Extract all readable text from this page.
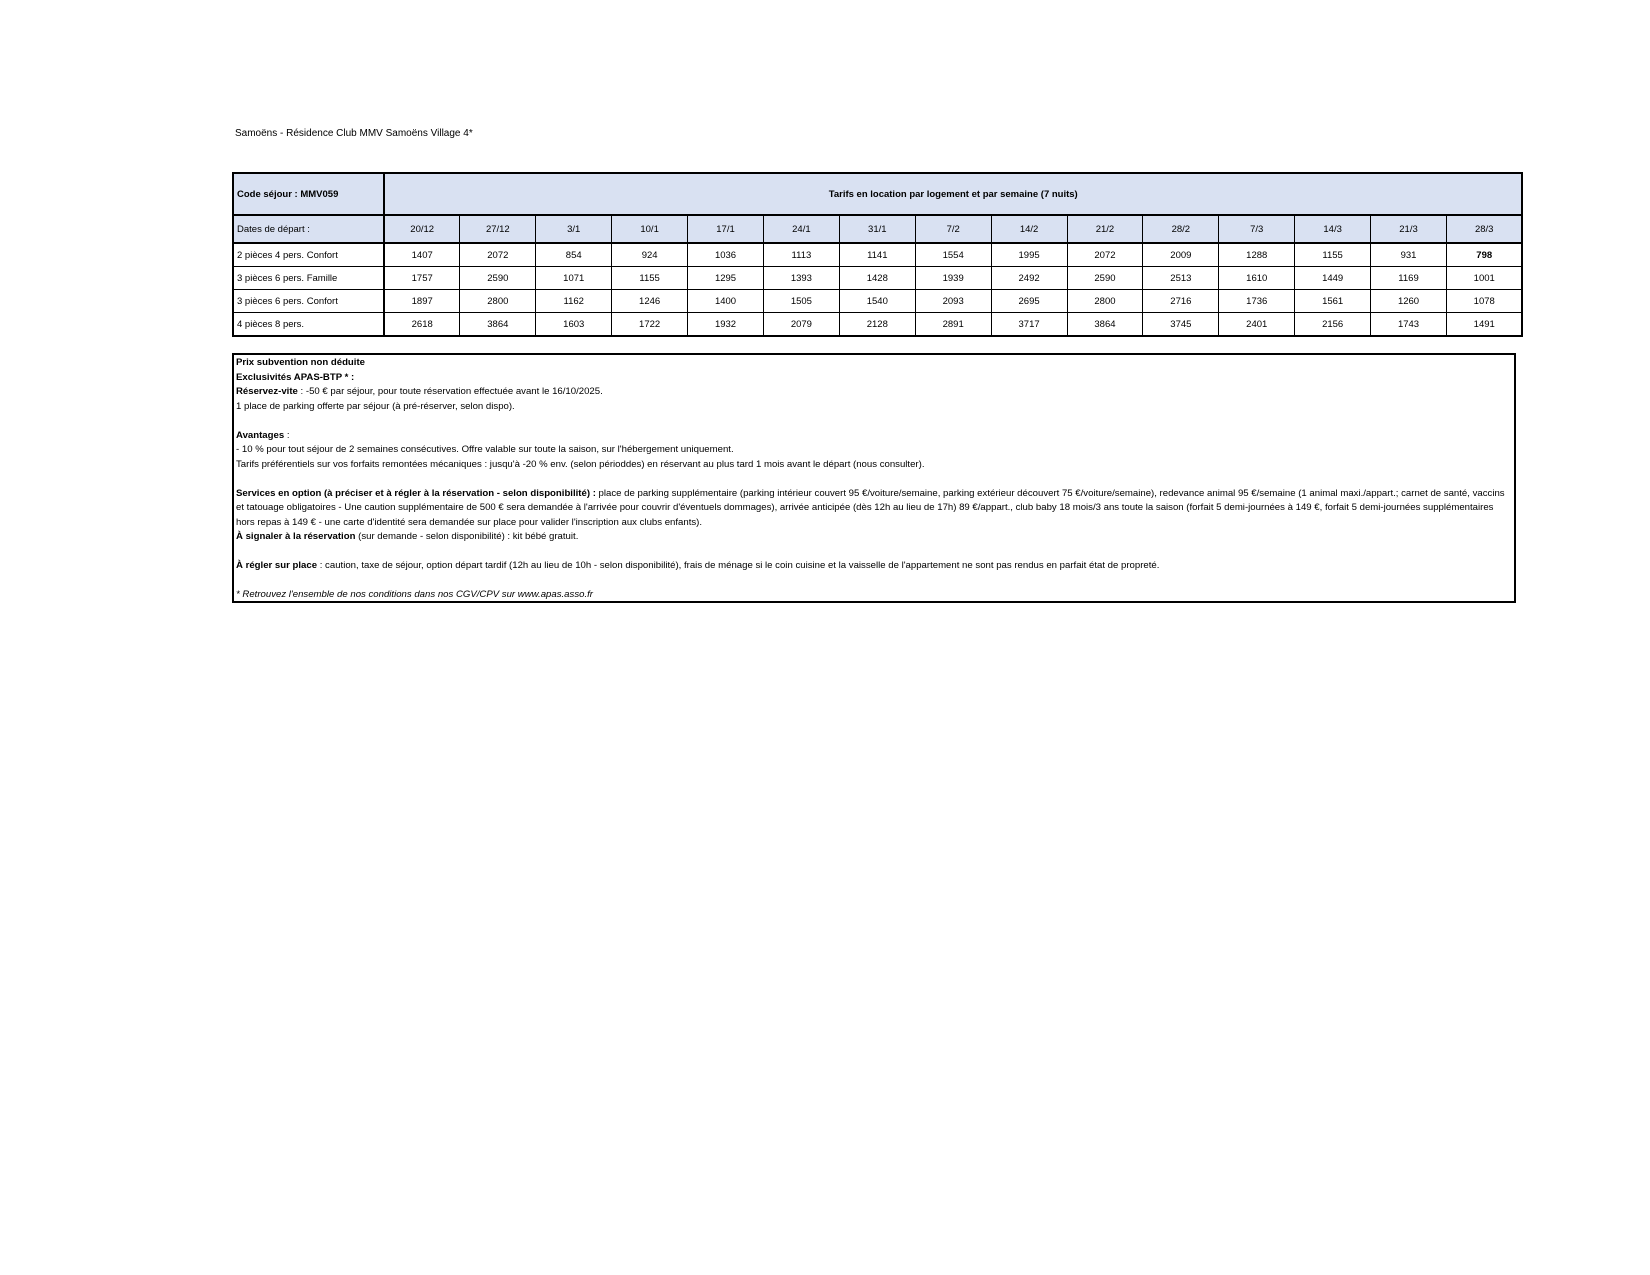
Samoëns - Résidence Club MMV Samoëns Village 4*
Code séjour : MMV059	Tarifs en location par logement et par semaine (7 nuits)														
Dates de départ :	20/12	27/12	3/1	10/1	17/1	24/1	31/1	7/2	14/2	21/2	28/2	7/3	14/3	21/3	28/3
2 pièces 4 pers. Confort	1407	2072	854	924	1036	1113	1141	1554	1995	2072	2009	1288	1155	931	798
3 pièces 6 pers. Famille	1757	2590	1071	1155	1295	1393	1428	1939	2492	2590	2513	1610	1449	1169	1001
3 pièces 6 pers. Confort	1897	2800	1162	1246	1400	1505	1540	2093	2695	2800	2716	1736	1561	1260	1078
4 pièces 8 pers.	2618	3864	1603	1722	1932	2079	2128	2891	3717	3864	3745	2401	2156	1743	1491

Prix subvention non déduite

Exclusivités APAS-BTP * :

Réservez-vite : -50 € par séjour, pour toute réservation effectuée avant le 16/10/2025.

1 place de parking offerte par séjour (à pré-réserver, selon dispo).

Avantages :

- 10 % pour tout séjour de 2 semaines consécutives. Offre valable sur toute la saison, sur l'hébergement uniquement.

Tarifs préférentiels sur vos forfaits remontées mécaniques : jusqu'à -20 % env. (selon périoddes) en réservant au plus tard 1 mois avant le départ (nous consulter).

Services en option (à préciser et à régler à la réservation - selon disponibilité) : place de parking supplémentaire (parking intérieur couvert 95 €/voiture/semaine, parking extérieur découvert 75 €/voiture/semaine), redevance animal 95 €/semaine (1 animal maxi./appart.; carnet de santé, vaccins et tatouage obligatoires - Une caution supplémentaire de 500 € sera demandée à l'arrivée pour couvrir d'éventuels dommages), arrivée anticipée (dès 12h au lieu de 17h) 89 €/appart., club baby 18 mois/3 ans toute la saison (forfait 5 demi-journées à 149 €, forfait 5 demi-journées supplémentaires hors repas à 149 € - une carte d'identité sera demandée sur place pour valider l'inscription aux clubs enfants).

À signaler à la réservation (sur demande - selon disponibilité) : kit bébé gratuit.

À régler sur place : caution, taxe de séjour, option départ tardif (12h au lieu de 10h - selon disponibilité), frais de ménage si le coin cuisine et la vaisselle de l'appartement ne sont pas rendus en parfait état de propreté.

* Retrouvez l'ensemble de nos conditions dans nos CGV/CPV sur www.apas.asso.fr
